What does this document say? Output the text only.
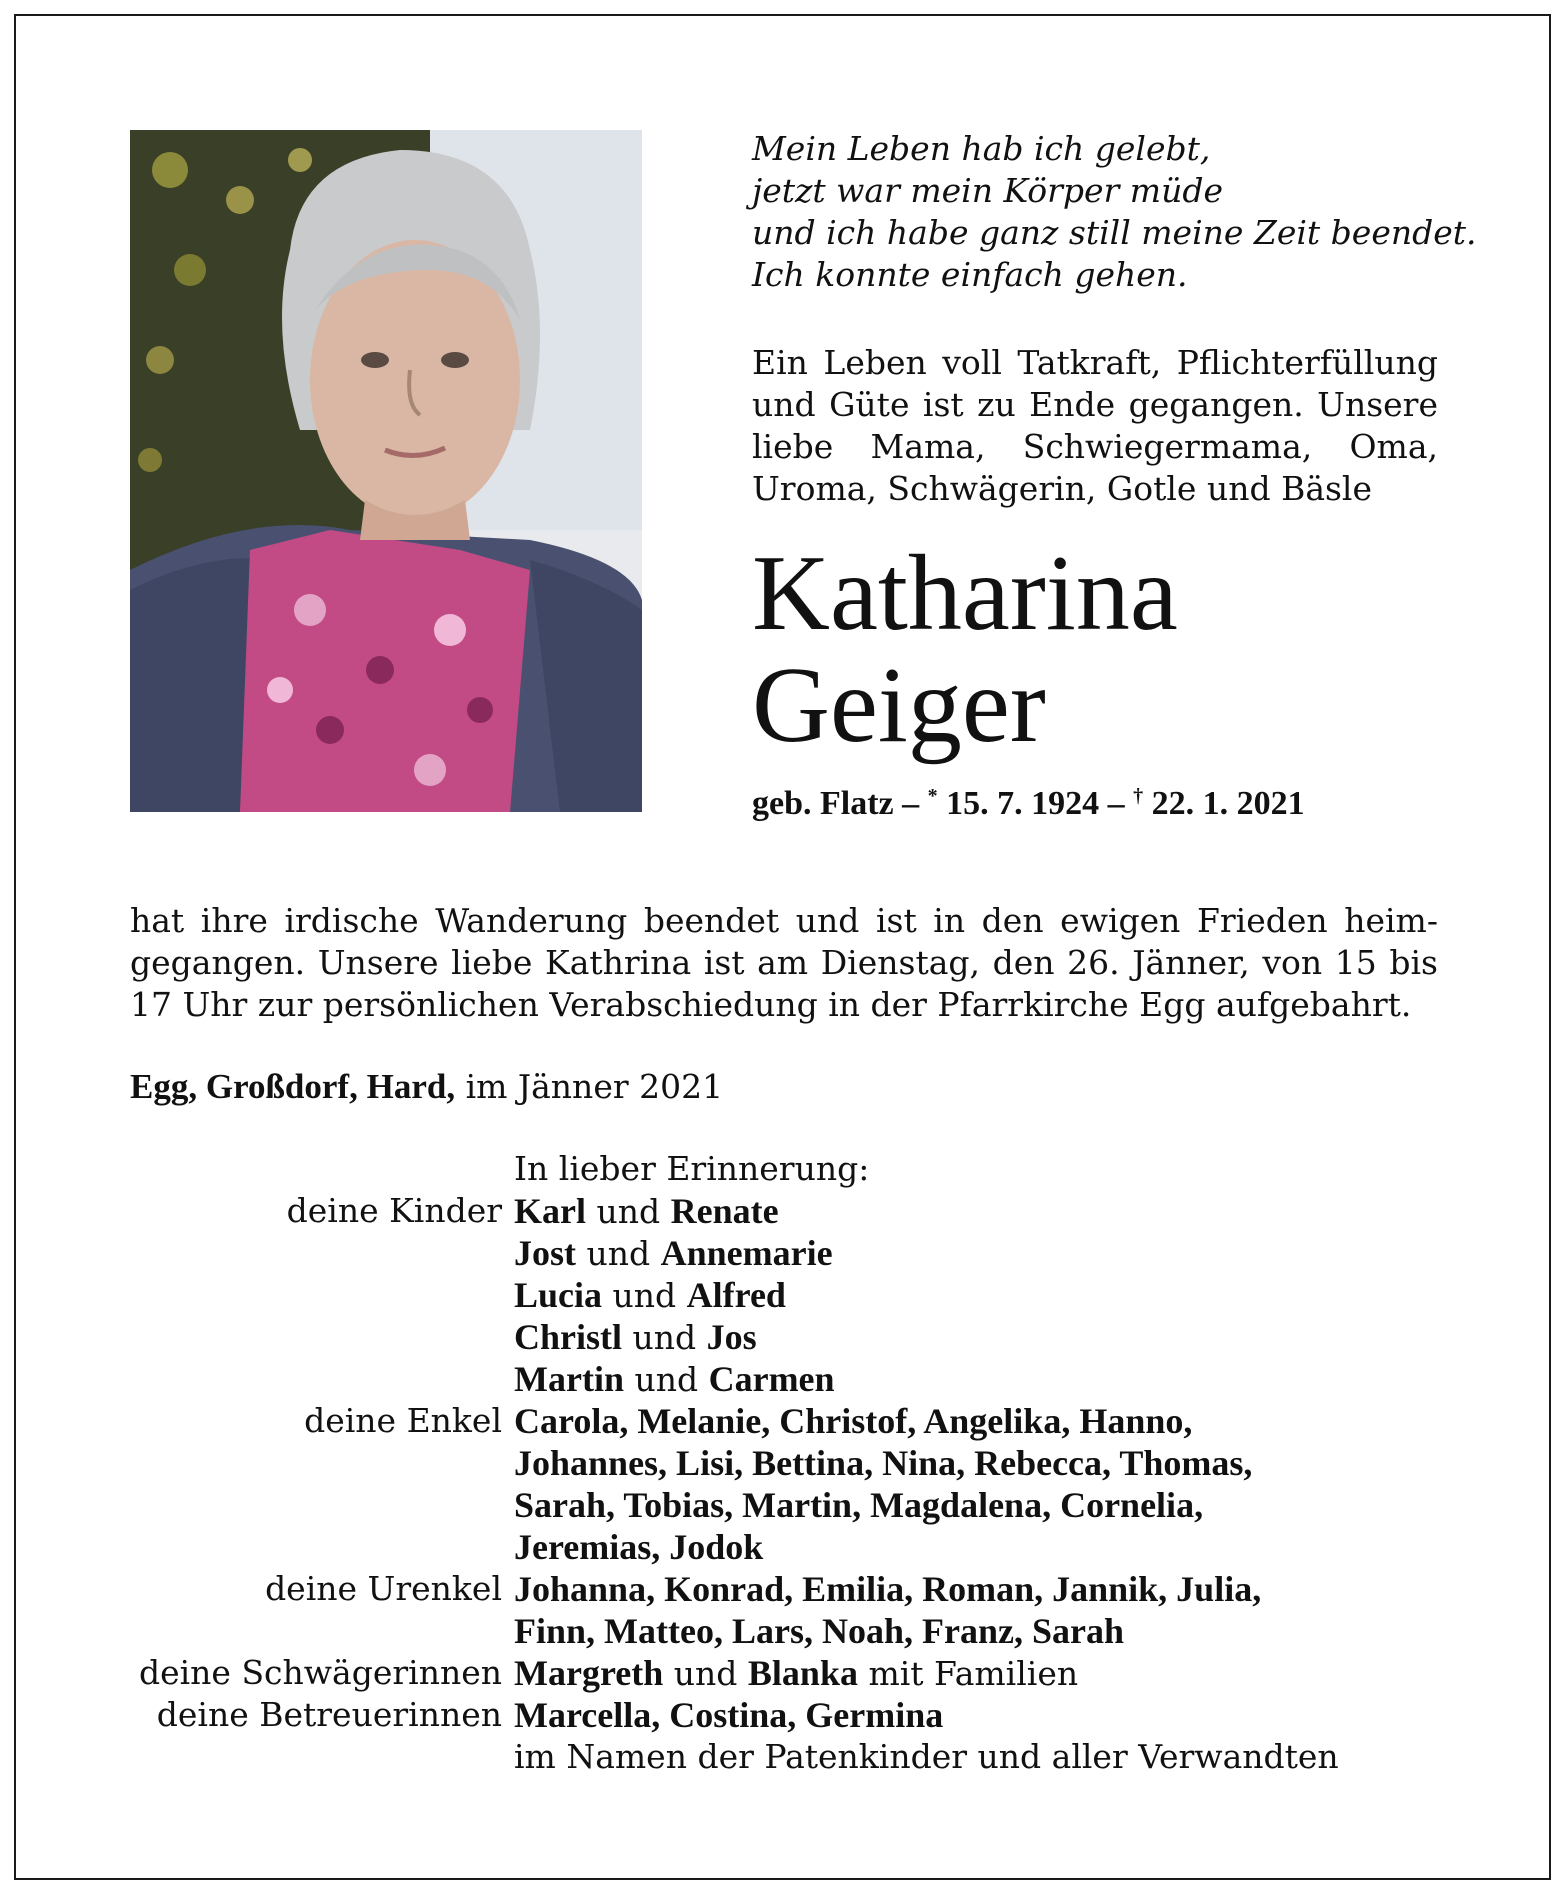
Mein Leben hab ich gelebt,
jetzt war mein Körper müde
und ich habe ganz still meine Zeit beendet.
Ich konnte einfach gehen.

Ein Leben voll Tatkraft, Pflichterfüllung
und Güte ist zu Ende gegangen. Unsere
liebe Mama, Schwiegermama, Oma,
Uroma, Schwägerin, Gotle und Bäsle

Katharina
Geiger

geb. Flatz – * 15. 7. 1924 – † 22. 1. 2021

hat ihre irdische Wanderung beendet und ist in den ewigen Frieden heim-
gegangen. Unsere liebe Kathrina ist am Dienstag, den 26. Jänner, von 15 bis
17 Uhr zur persönlichen Verabschiedung in der Pfarrkirche Egg aufgebahrt.

Egg, Großdorf, Hard, im Jänner 2021

In lieber Erinnerung:
deine Kinder Karl und Renate
Jost und Annemarie
Lucia und Alfred
Christl und Jos
Martin und Carmen
deine Enkel Carola, Melanie, Christof, Angelika, Hanno,
Johannes, Lisi, Bettina, Nina, Rebecca, Thomas,
Sarah, Tobias, Martin, Magdalena, Cornelia,
Jeremias, Jodok
deine Urenkel Johanna, Konrad, Emilia, Roman, Jannik, Julia,
Finn, Matteo, Lars, Noah, Franz, Sarah
deine Schwägerinnen Margreth und Blanka mit Familien
deine Betreuerinnen Marcella, Costina, Germina
im Namen der Patenkinder und aller Verwandten
